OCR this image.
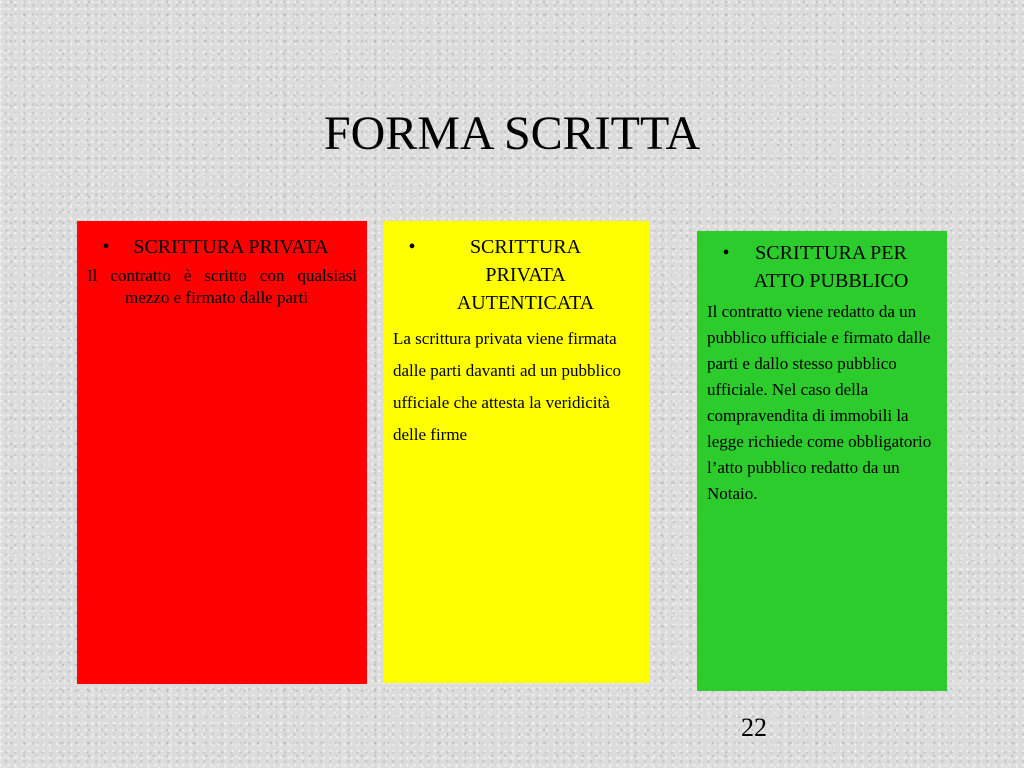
FORMA SCRITTA
•	SCRITTURA PRIVATA
Il contratto è scritto con qualsiasi mezzo e firmato dalle parti
•	SCRITTURA PRIVATA AUTENTICATA
La scrittura privata viene firmata dalle parti davanti ad un pubblico ufficiale che attesta la veridicità delle firme
•	SCRITTURA PER ATTO PUBBLICO
Il contratto viene redatto da un pubblico ufficiale e firmato dalle parti e dallo stesso pubblico ufficiale. Nel caso della compravendita di immobili la legge richiede come obbligatorio l’atto pubblico redatto da un Notaio.
22
